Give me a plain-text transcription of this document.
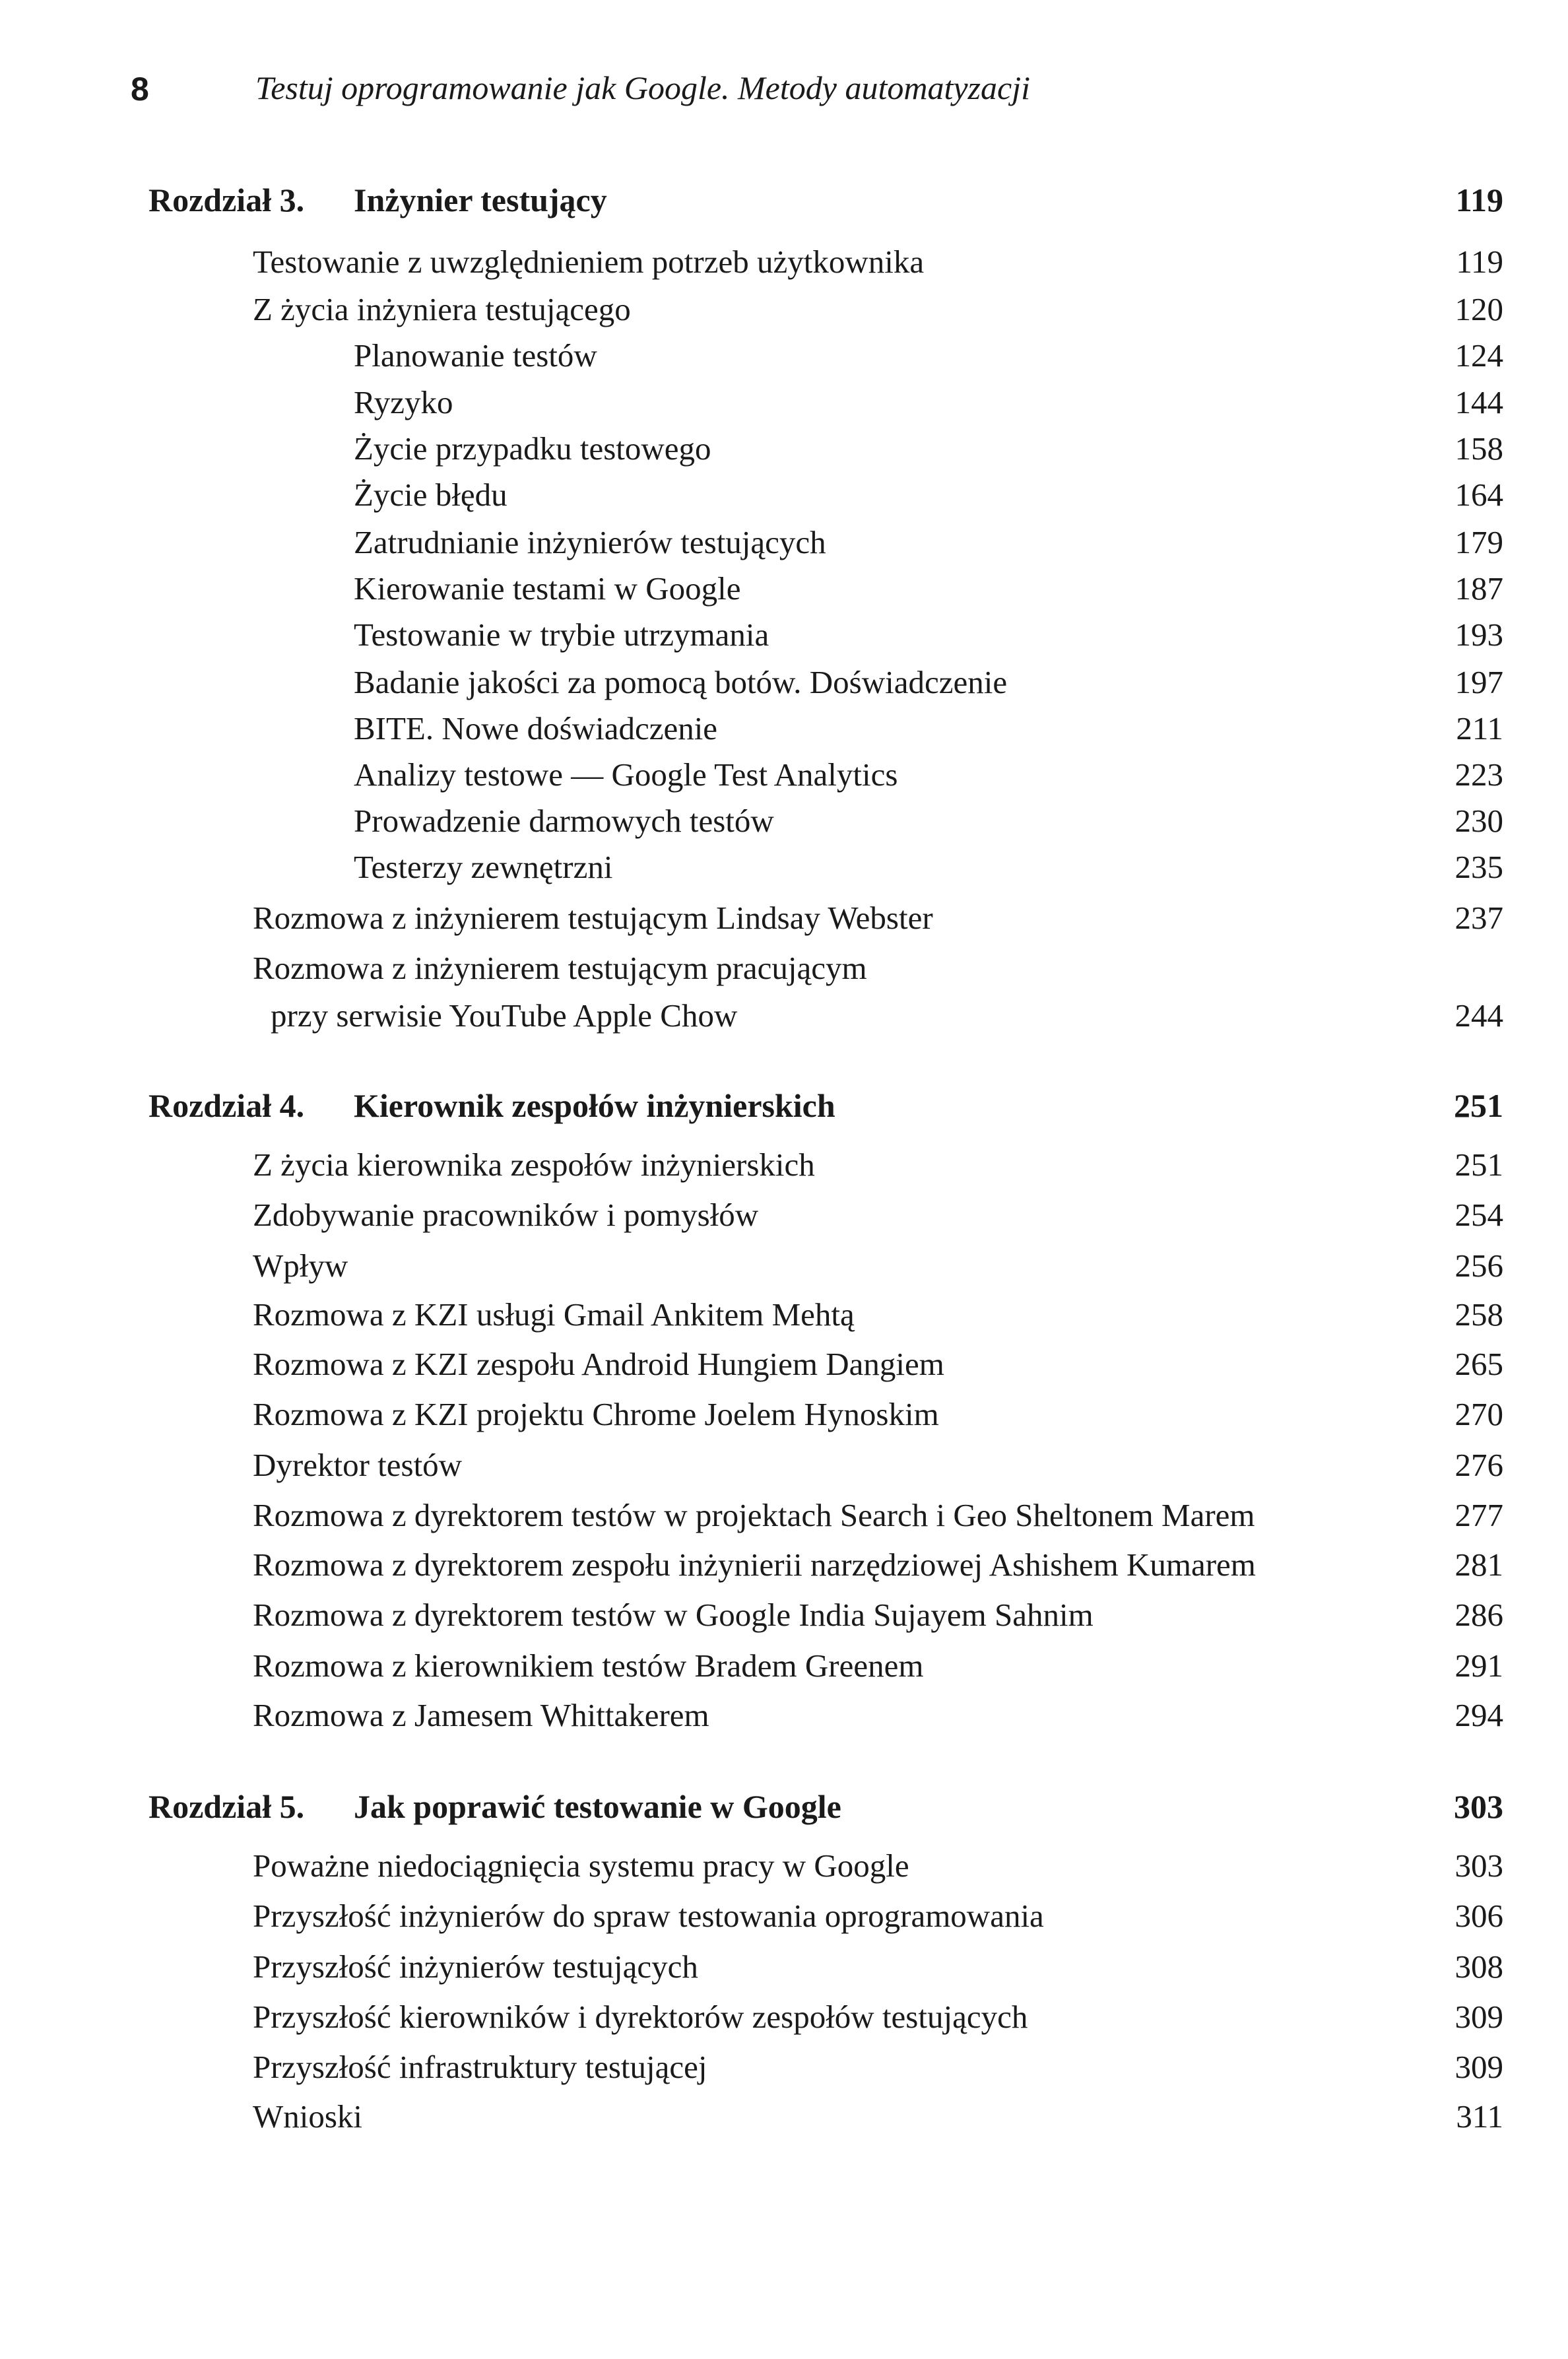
8	Testuj oprogramowanie jak Google. Metody automatyzacji
Rozdział 3. Inżynier testujący	119
Testowanie z uwzględnieniem potrzeb użytkownika	119
Z życia inżyniera testującego	120
Planowanie testów	124
Ryzyko	144
Życie przypadku testowego	158
Życie błędu	164
Zatrudnianie inżynierów testujących	179
Kierowanie testami w Google	187
Testowanie w trybie utrzymania	193
Badanie jakości za pomocą botów. Doświadczenie	197
BITE. Nowe doświadczenie	211
Analizy testowe — Google Test Analytics	223
Prowadzenie darmowych testów	230
Testerzy zewnętrzni	235
Rozmowa z inżynierem testującym Lindsay Webster	237
Rozmowa z inżynierem testującym pracującym
przy serwisie YouTube Apple Chow	244
Rozdział 4. Kierownik zespołów inżynierskich	251
Z życia kierownika zespołów inżynierskich	251
Zdobywanie pracowników i pomysłów	254
Wpływ	256
Rozmowa z KZI usługi Gmail Ankitem Mehtą	258
Rozmowa z KZI zespołu Android Hungiem Dangiem	265
Rozmowa z KZI projektu Chrome Joelem Hynoskim	270
Dyrektor testów	276
Rozmowa z dyrektorem testów w projektach Search i Geo Sheltonem Marem	277
Rozmowa z dyrektorem zespołu inżynierii narzędziowej Ashishem Kumarem	281
Rozmowa z dyrektorem testów w Google India Sujayem Sahnim	286
Rozmowa z kierownikiem testów Bradem Greenem	291
Rozmowa z Jamesem Whittakerem	294
Rozdział 5. Jak poprawić testowanie w Google	303
Poważne niedociągnięcia systemu pracy w Google	303
Przyszłość inżynierów do spraw testowania oprogramowania	306
Przyszłość inżynierów testujących	308
Przyszłość kierowników i dyrektorów zespołów testujących	309
Przyszłość infrastruktury testującej	309
Wnioski	311
